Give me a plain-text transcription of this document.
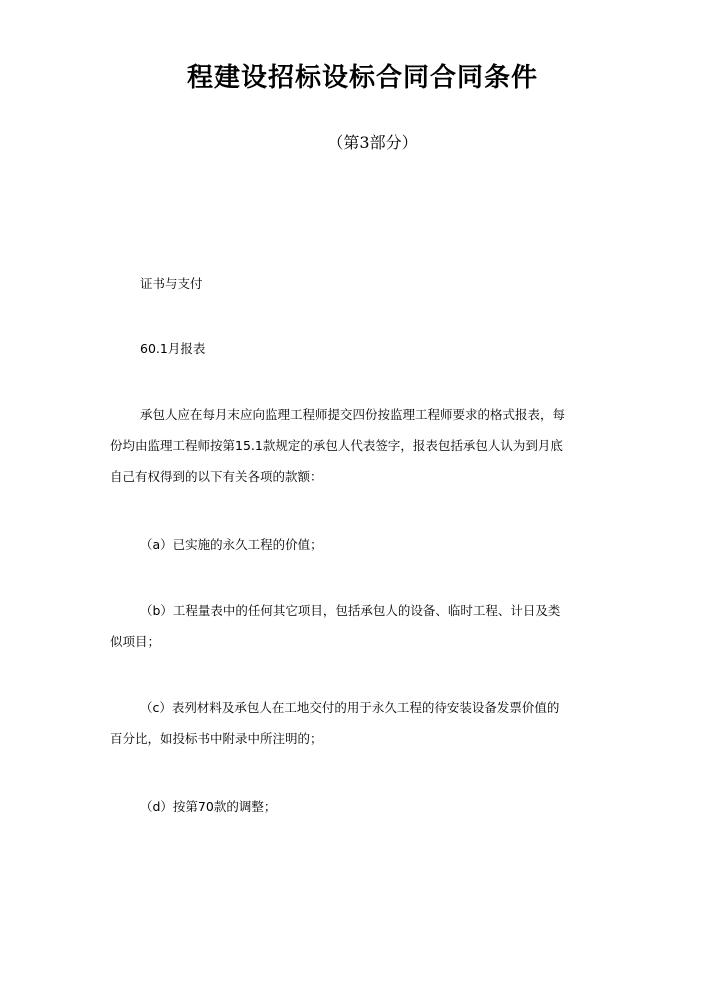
程建设招标设标合同合同条件
（第3部分）
证书与支付
60.1月报表
承包人应在每月末应向监理工程师提交四份按监理工程师要求的格式报表，每
份均由监理工程师按第15.1款规定的承包人代表签字，报表包括承包人认为到月底
自己有权得到的以下有关各项的款额：
（a）已实施的永久工程的价值；
（b）工程量表中的任何其它项目，包括承包人的设备、临时工程、计日及类
似项目；
（c）表列材料及承包人在工地交付的用于永久工程的待安装设备发票价值的
百分比，如投标书中附录中所注明的；
（d）按第70款的调整；
